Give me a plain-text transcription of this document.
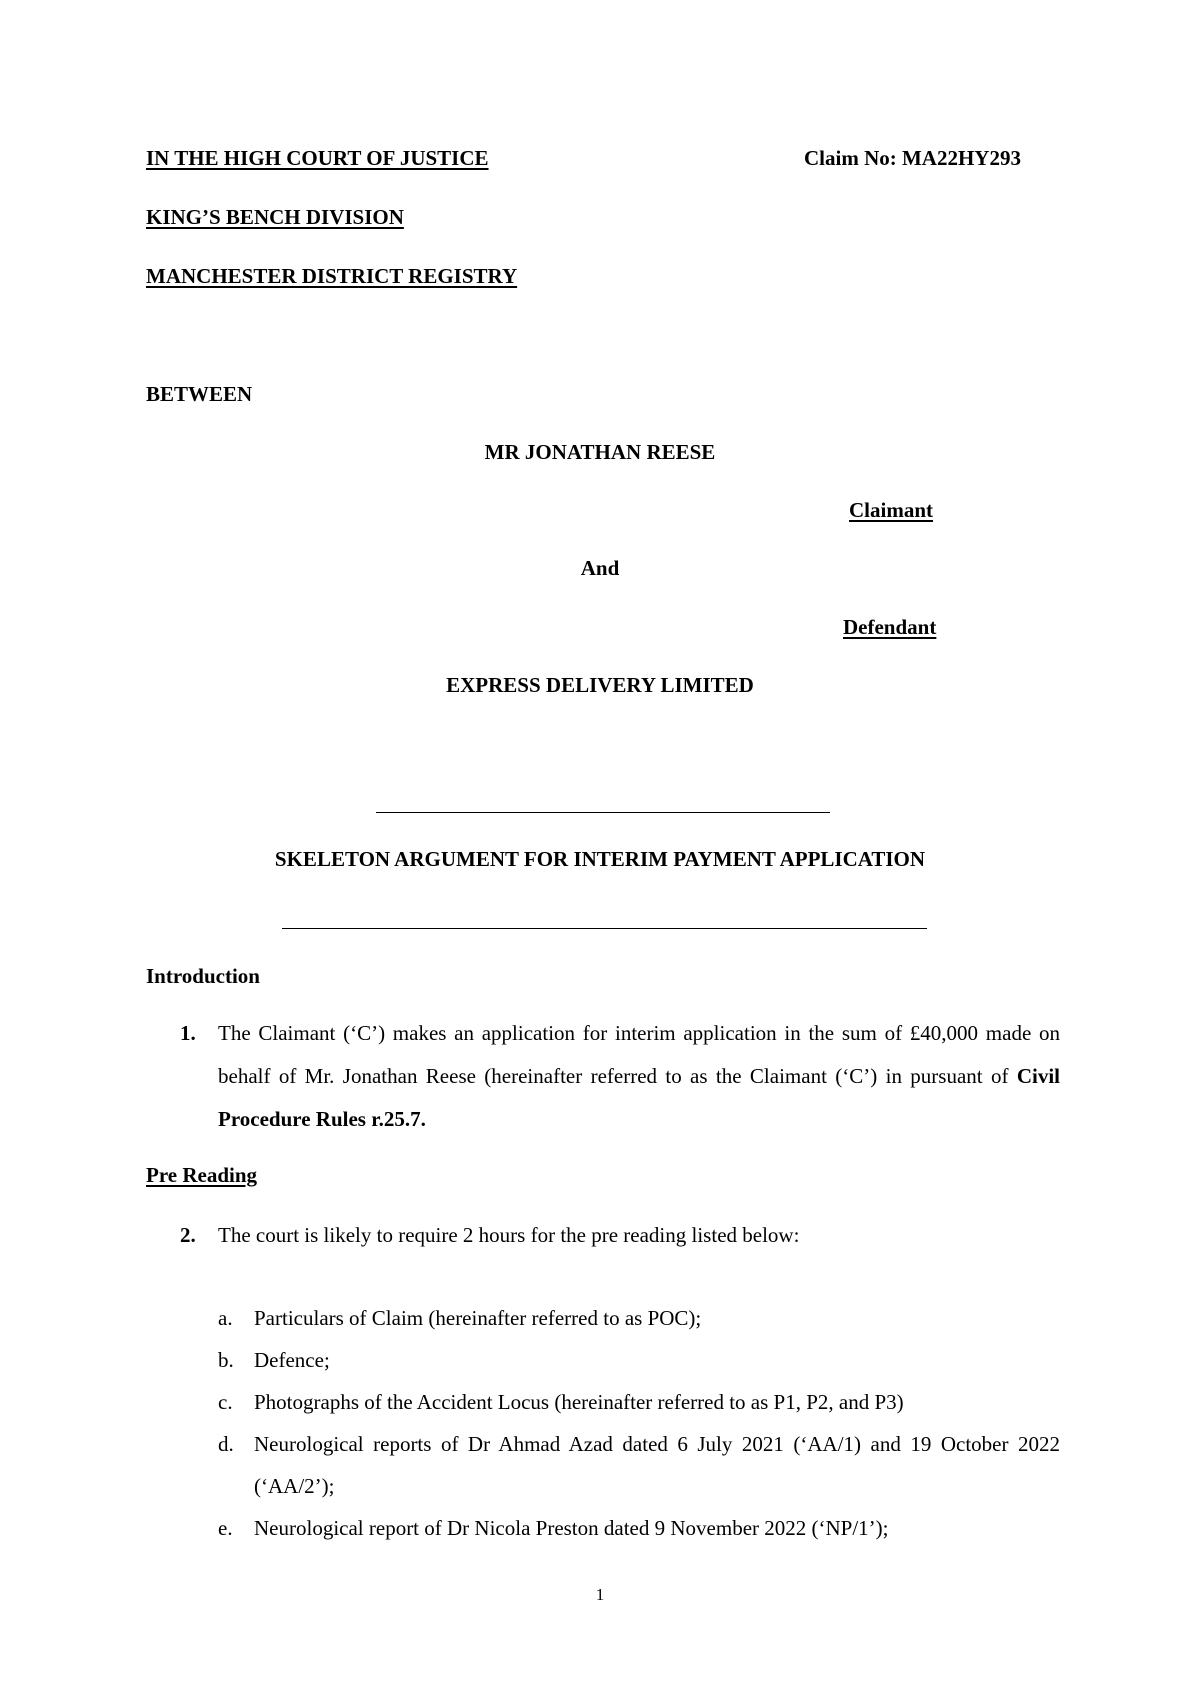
IN THE HIGH COURT OF JUSTICE	Claim No: MA22HY293
KING’S BENCH DIVISION
MANCHESTER DISTRICT REGISTRY
BETWEEN
MR JONATHAN REESE
Claimant
And
Defendant
EXPRESS DELIVERY LIMITED
SKELETON ARGUMENT FOR INTERIM PAYMENT APPLICATION
Introduction
1. The Claimant (‘C’) makes an application for interim application in the sum of £40,000 made on behalf of Mr. Jonathan Reese (hereinafter referred to as the Claimant (‘C’) in pursuant of Civil Procedure Rules r.25.7.
Pre Reading
2. The court is likely to require 2 hours for the pre reading listed below:
a. Particulars of Claim (hereinafter referred to as POC);
b. Defence;
c. Photographs of the Accident Locus (hereinafter referred to as P1, P2, and P3)
d. Neurological reports of Dr Ahmad Azad dated 6 July 2021 (‘AA/1) and 19 October 2022 (‘AA/2’);
e. Neurological report of Dr Nicola Preston dated 9 November 2022 (‘NP/1’);
1
